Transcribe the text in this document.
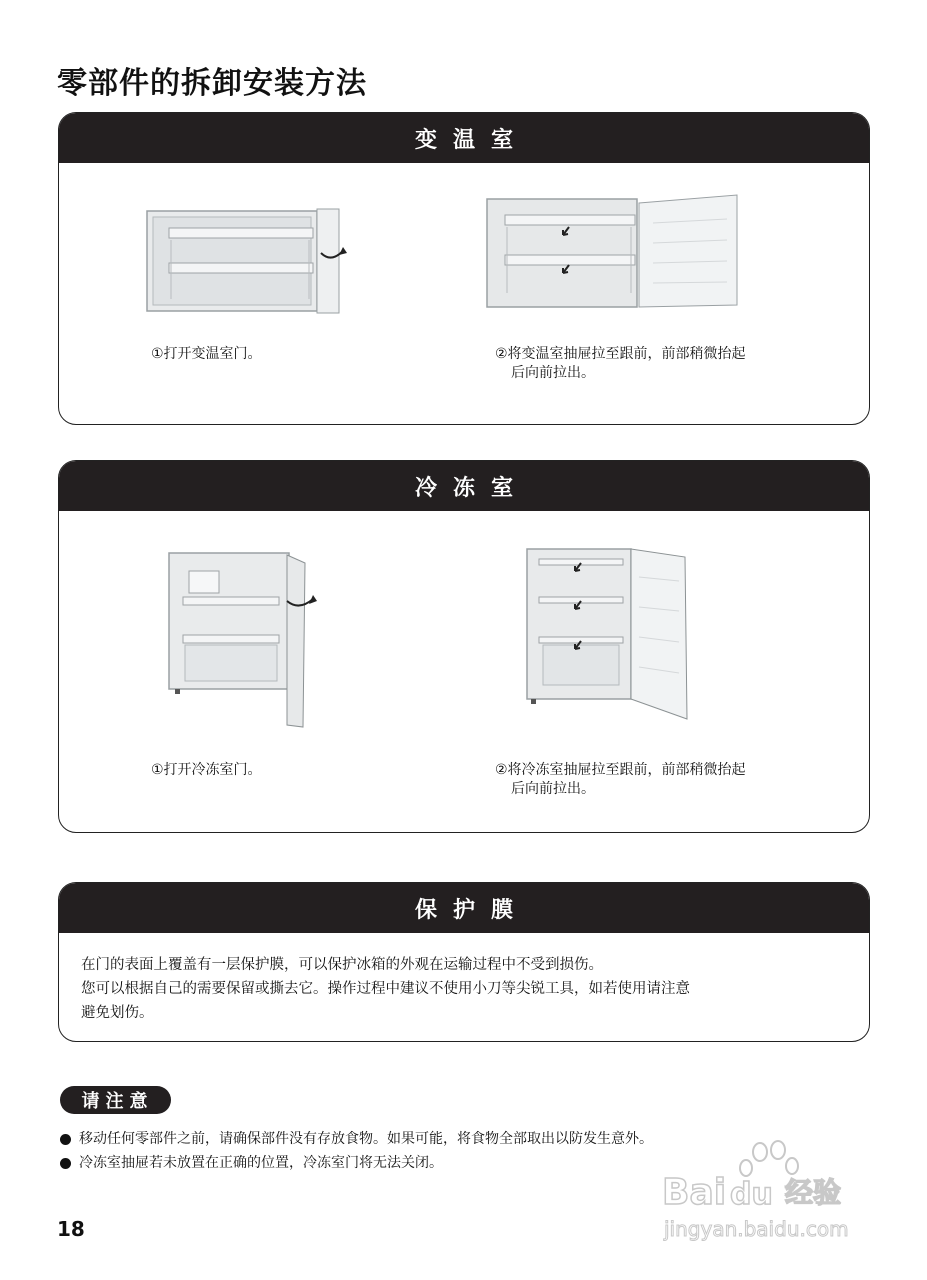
零部件的拆卸安装方法
变温室
①打开变温室门。	②将变温室抽屉拉至跟前，前部稍微抬起
后向前拉出。
冷冻室
①打开冷冻室门。	②将冷冻室抽屉拉至跟前，前部稍微抬起
后向前拉出。
保护膜
在门的表面上覆盖有一层保护膜，可以保护冰箱的外观在运输过程中不受到损伤。
您可以根据自己的需要保留或撕去它。操作过程中建议不使用小刀等尖锐工具，如若使用请注意
避免划伤。
请注意
移动任何零部件之前，请确保部件没有存放食物。如果可能，将食物全部取出以防发生意外。
冷冻室抽屉若未放置在正确的位置，冷冻室门将无法关闭。
18
Bai du 经验
jingyan.baidu.com
